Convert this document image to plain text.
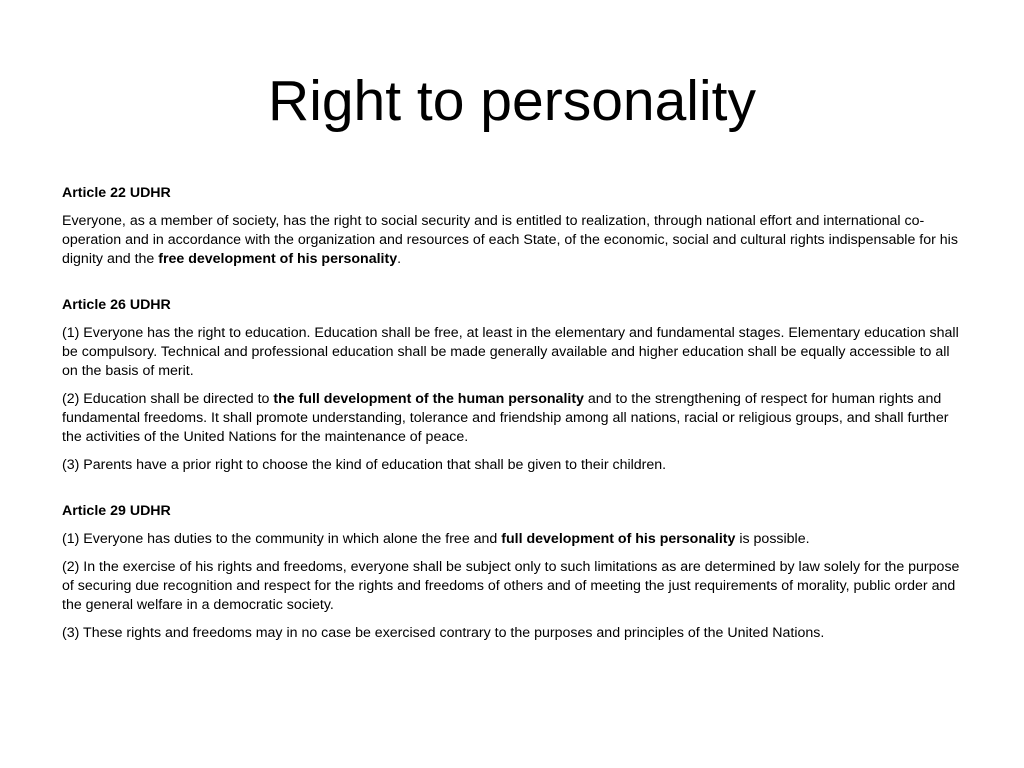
Right to personality

Article 22 UDHR

Everyone, as a member of society, has the right to social security and is entitled to realization, through national effort and international co-operation and in accordance with the organization and resources of each State, of the economic, social and cultural rights indispensable for his dignity and the free development of his personality.

Article 26 UDHR

(1) Everyone has the right to education. Education shall be free, at least in the elementary and fundamental stages. Elementary education shall be compulsory. Technical and professional education shall be made generally available and higher education shall be equally accessible to all on the basis of merit.

(2) Education shall be directed to the full development of the human personality and to the strengthening of respect for human rights and fundamental freedoms. It shall promote understanding, tolerance and friendship among all nations, racial or religious groups, and shall further the activities of the United Nations for the maintenance of peace.

(3) Parents have a prior right to choose the kind of education that shall be given to their children.

Article 29 UDHR

(1) Everyone has duties to the community in which alone the free and full development of his personality is possible.

(2) In the exercise of his rights and freedoms, everyone shall be subject only to such limitations as are determined by law solely for the purpose of securing due recognition and respect for the rights and freedoms of others and of meeting the just requirements of morality, public order and the general welfare in a democratic society.

(3) These rights and freedoms may in no case be exercised contrary to the purposes and principles of the United Nations.
